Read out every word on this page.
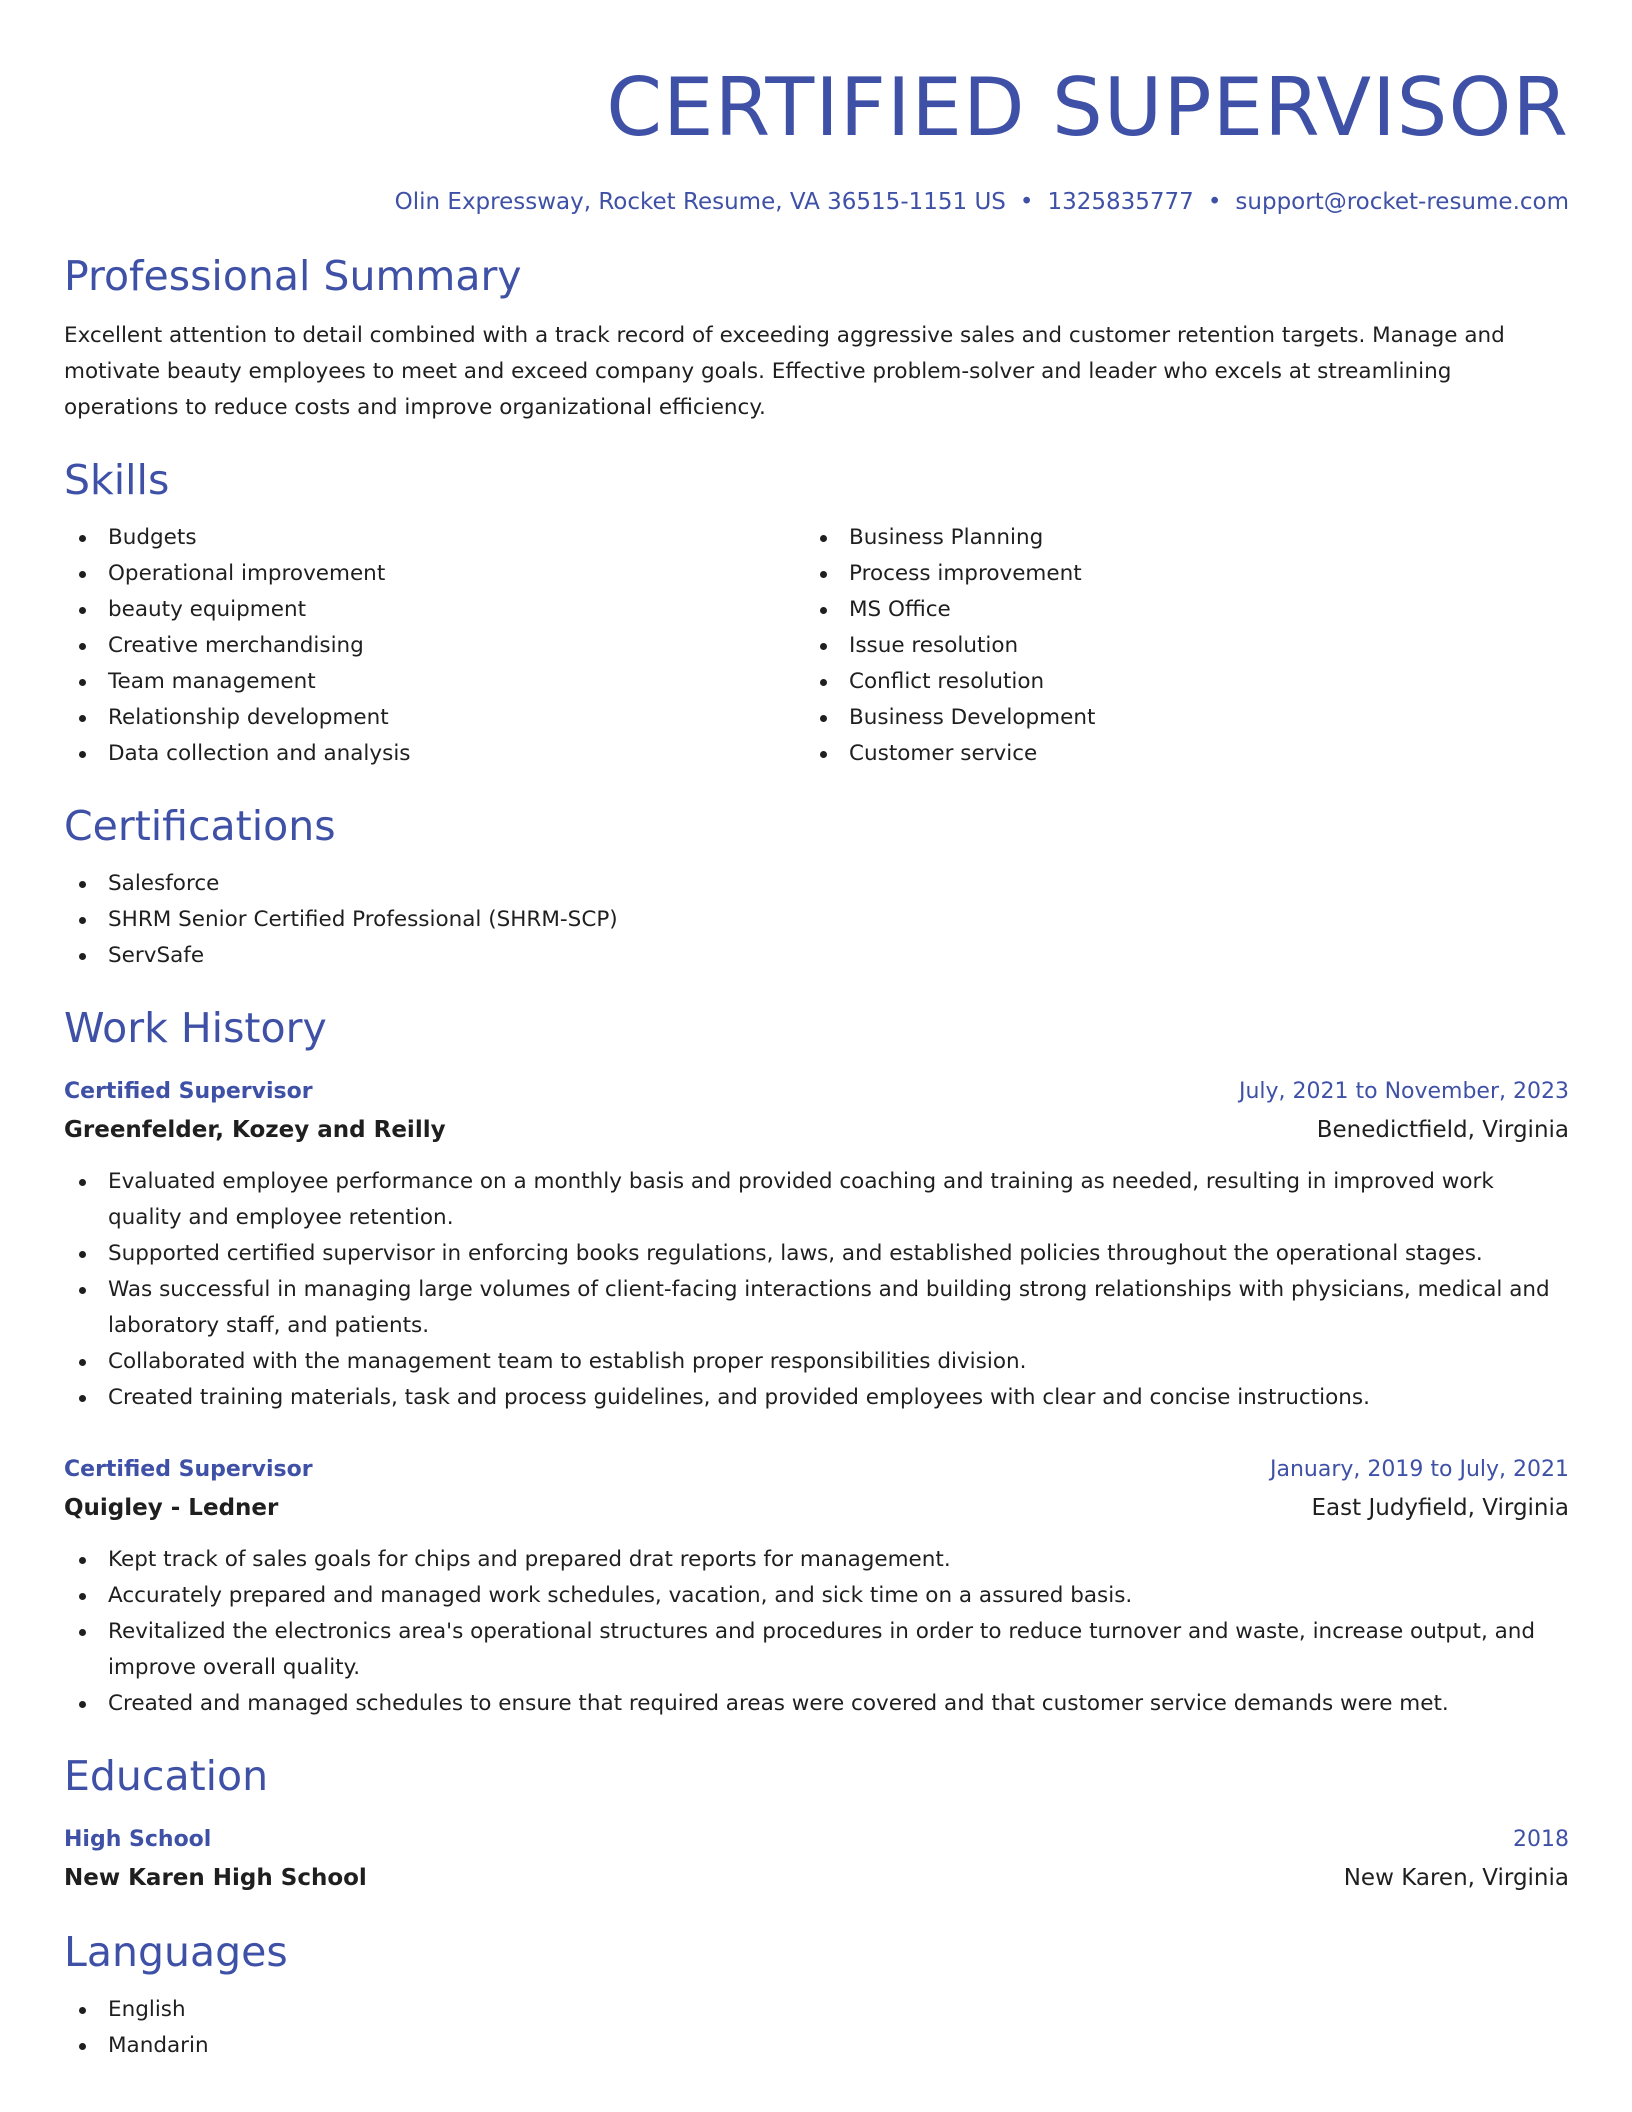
CERTIFIED SUPERVISOR
Olin Expressway, Rocket Resume, VA 36515-1151 US • 1325835777 • support@rocket-resume.com
Professional Summary
Excellent attention to detail combined with a track record of exceeding aggressive sales and customer retention targets. Manage and motivate beauty employees to meet and exceed company goals. Effective problem-solver and leader who excels at streamlining operations to reduce costs and improve organizational efficiency.
Skills
Budgets
Operational improvement
beauty equipment
Creative merchandising
Team management
Relationship development
Data collection and analysis
Business Planning
Process improvement
MS Office
Issue resolution
Conflict resolution
Business Development
Customer service
Certifications
Salesforce
SHRM Senior Certified Professional (SHRM-SCP)
ServSafe
Work History
Certified Supervisor	July, 2021 to November, 2023
Greenfelder, Kozey and Reilly	Benedictfield, Virginia
Evaluated employee performance on a monthly basis and provided coaching and training as needed, resulting in improved work quality and employee retention.
Supported certified supervisor in enforcing books regulations, laws, and established policies throughout the operational stages.
Was successful in managing large volumes of client-facing interactions and building strong relationships with physicians, medical and laboratory staff, and patients.
Collaborated with the management team to establish proper responsibilities division.
Created training materials, task and process guidelines, and provided employees with clear and concise instructions.
Certified Supervisor	January, 2019 to July, 2021
Quigley - Ledner	East Judyfield, Virginia
Kept track of sales goals for chips and prepared drat reports for management.
Accurately prepared and managed work schedules, vacation, and sick time on a assured basis.
Revitalized the electronics area's operational structures and procedures in order to reduce turnover and waste, increase output, and improve overall quality.
Created and managed schedules to ensure that required areas were covered and that customer service demands were met.
Education
High School	2018
New Karen High School	New Karen, Virginia
Languages
English
Mandarin
